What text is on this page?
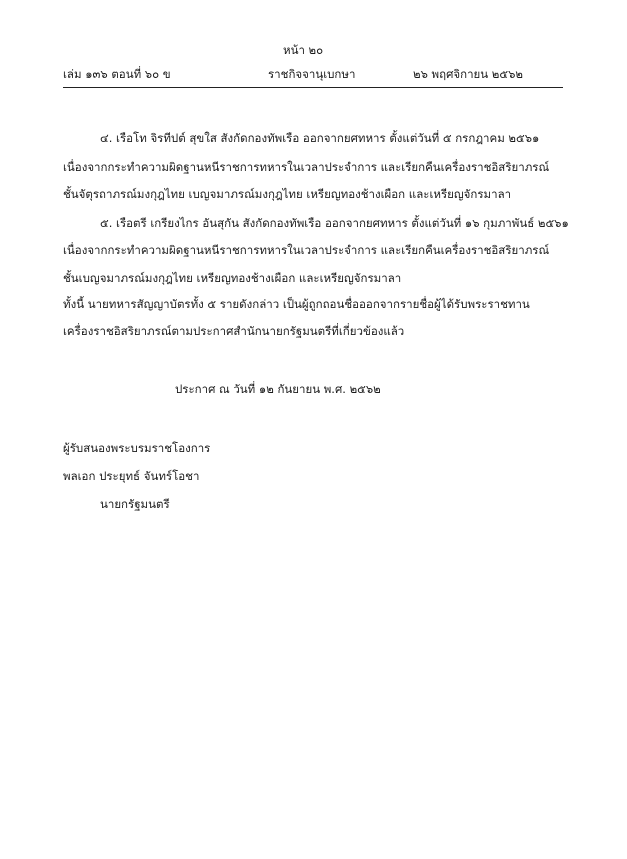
หน้า ๒๐
เล่ม ๑๓๖ ตอนที่ ๖๐ ข	ราชกิจจานุเบกษา	๒๖ พฤศจิกายน ๒๕๖๒
๔. เรือโท จิรทีปต์ สุขใส สังกัดกองทัพเรือ ออกจากยศทหาร ตั้งแต่วันที่ ๕ กรกฎาคม ๒๕๖๑
เนื่องจากกระทำความผิดฐานหนีราชการทหารในเวลาประจำการ และเรียกคืนเครื่องราชอิสริยาภรณ์
ชั้นจัตุรถาภรณ์มงกุฎไทย เบญจมาภรณ์มงกุฎไทย เหรียญทองช้างเผือก และเหรียญจักรมาลา
๕. เรือตรี เกรียงไกร อันสุกัน สังกัดกองทัพเรือ ออกจากยศทหาร ตั้งแต่วันที่ ๑๖ กุมภาพันธ์ ๒๕๖๑
เนื่องจากกระทำความผิดฐานหนีราชการทหารในเวลาประจำการ และเรียกคืนเครื่องราชอิสริยาภรณ์
ชั้นเบญจมาภรณ์มงกุฎไทย เหรียญทองช้างเผือก และเหรียญจักรมาลา
ทั้งนี้ นายทหารสัญญาบัตรทั้ง ๕ รายดังกล่าว เป็นผู้ถูกถอนชื่อออกจากรายชื่อผู้ได้รับพระราชทาน
เครื่องราชอิสริยาภรณ์ตามประกาศสำนักนายกรัฐมนตรีที่เกี่ยวข้องแล้ว
ประกาศ ณ วันที่ ๑๒ กันยายน พ.ศ. ๒๕๖๒
ผู้รับสนองพระบรมราชโองการ
พลเอก ประยุทธ์ จันทร์โอชา
นายกรัฐมนตรี
